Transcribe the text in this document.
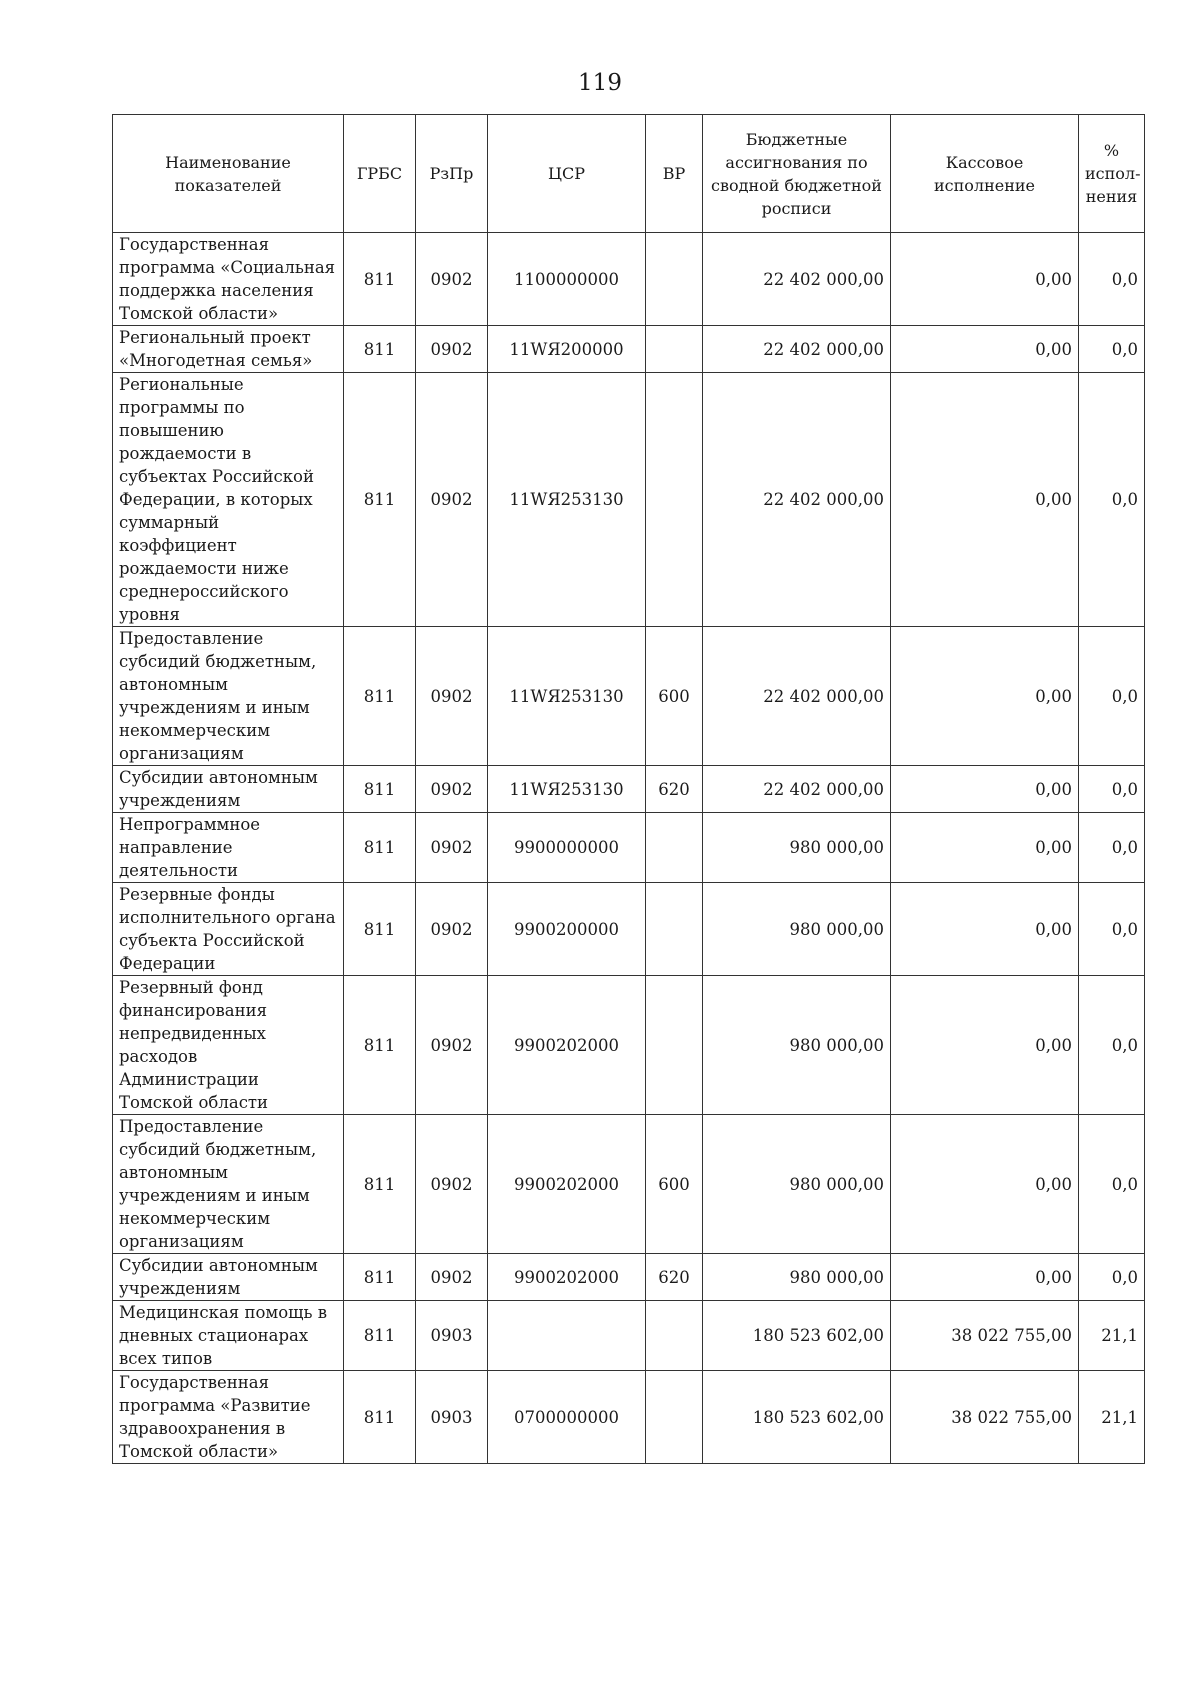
119
Наименование показателей	ГРБС	РзПр	ЦСР	ВР	Бюджетные ассигнования по сводной бюджетной росписи	Кассовое исполнение	% испол-нения
Государственная программа «Социальная поддержка населения Томской области»	811	0902	1100000000		22 402 000,00	0,00	0,0
Региональный проект «Многодетная семья»	811	0902	11WЯ200000		22 402 000,00	0,00	0,0
Региональные программы по повышению рождаемости в субъектах Российской Федерации, в которых суммарный коэффициент рождаемости ниже среднероссийского уровня	811	0902	11WЯ253130		22 402 000,00	0,00	0,0
Предоставление субсидий бюджетным, автономным учреждениям и иным некоммерческим организациям	811	0902	11WЯ253130	600	22 402 000,00	0,00	0,0
Субсидии автономным учреждениям	811	0902	11WЯ253130	620	22 402 000,00	0,00	0,0
Непрограммное направление деятельности	811	0902	9900000000		980 000,00	0,00	0,0
Резервные фонды исполнительного органа субъекта Российской Федерации	811	0902	9900200000		980 000,00	0,00	0,0
Резервный фонд финансирования непредвиденных расходов Администрации Томской области	811	0902	9900202000		980 000,00	0,00	0,0
Предоставление субсидий бюджетным, автономным учреждениям и иным некоммерческим организациям	811	0902	9900202000	600	980 000,00	0,00	0,0
Субсидии автономным учреждениям	811	0902	9900202000	620	980 000,00	0,00	0,0
Медицинская помощь в дневных стационарах всех типов	811	0903			180 523 602,00	38 022 755,00	21,1
Государственная программа «Развитие здравоохранения в Томской области»	811	0903	0700000000		180 523 602,00	38 022 755,00	21,1
